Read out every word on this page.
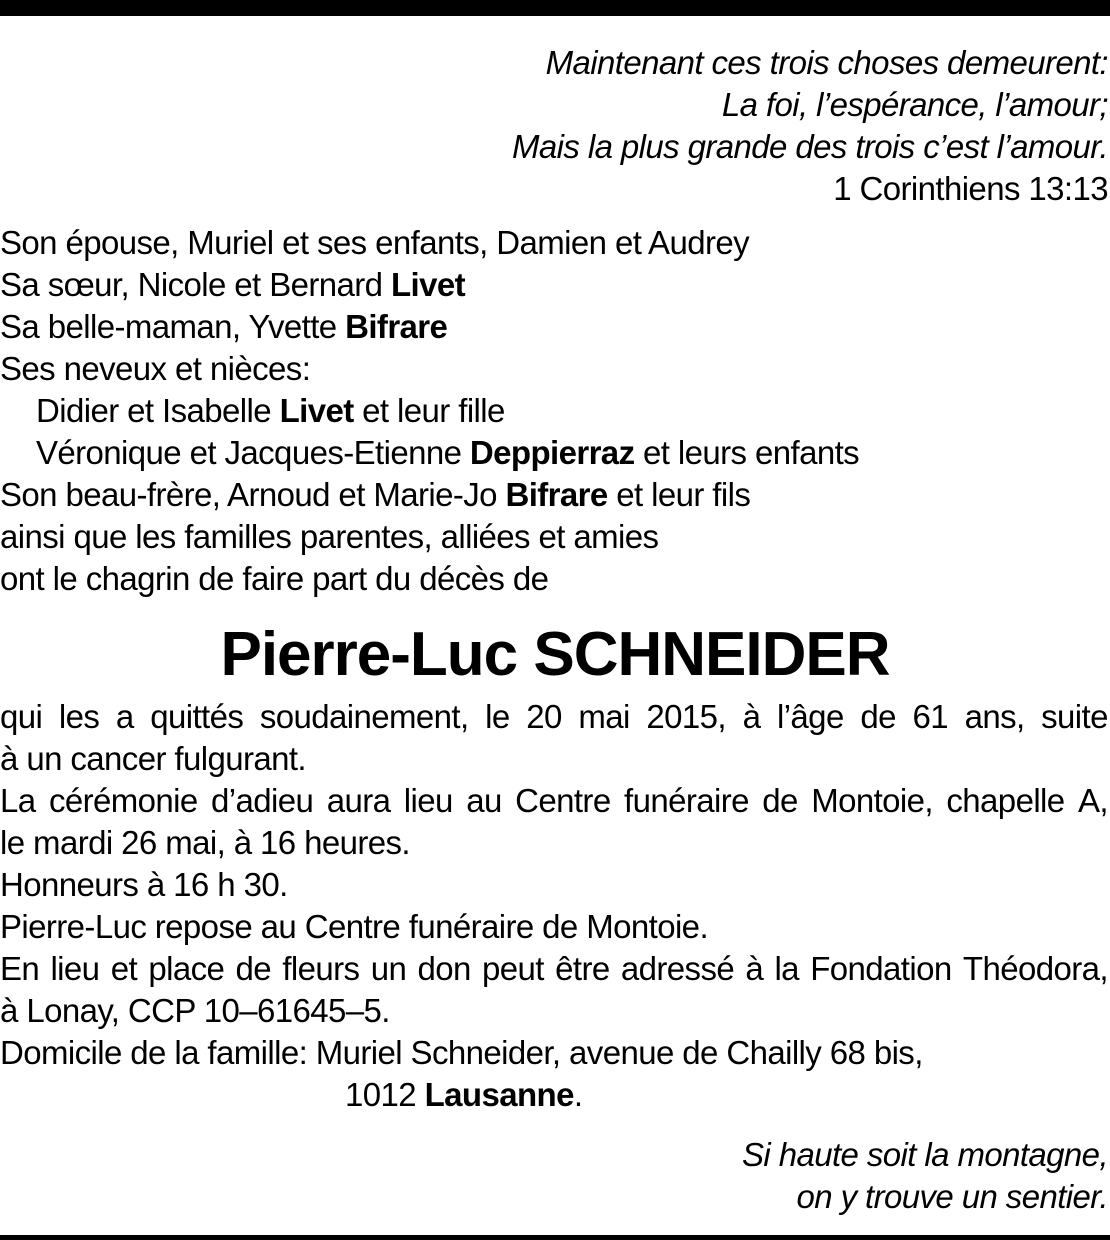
Maintenant ces trois choses demeurent:
La foi, l’espérance, l’amour;
Mais la plus grande des trois c’est l’amour.
1 Corinthiens 13:13
Son épouse, Muriel et ses enfants, Damien et Audrey
Sa sœur, Nicole et Bernard Livet
Sa belle-maman, Yvette Bifrare
Ses neveux et nièces:
Didier et Isabelle Livet et leur fille
Véronique et Jacques-Etienne Deppierraz et leurs enfants
Son beau-frère, Arnoud et Marie-Jo Bifrare et leur fils
ainsi que les familles parentes, alliées et amies
ont le chagrin de faire part du décès de
Pierre-Luc SCHNEIDER
qui les a quittés soudainement, le 20 mai 2015, à l’âge de 61 ans, suite
à un cancer fulgurant.
La cérémonie d’adieu aura lieu au Centre funéraire de Montoie, chapelle A,
le mardi 26 mai, à 16 heures.
Honneurs à 16 h 30.
Pierre-Luc repose au Centre funéraire de Montoie.
En lieu et place de fleurs un don peut être adressé à la Fondation Théodora,
à Lonay, CCP 10–61645–5.
Domicile de la famille: Muriel Schneider, avenue de Chailly 68 bis,
1012 Lausanne.
Si haute soit la montagne,
on y trouve un sentier.
